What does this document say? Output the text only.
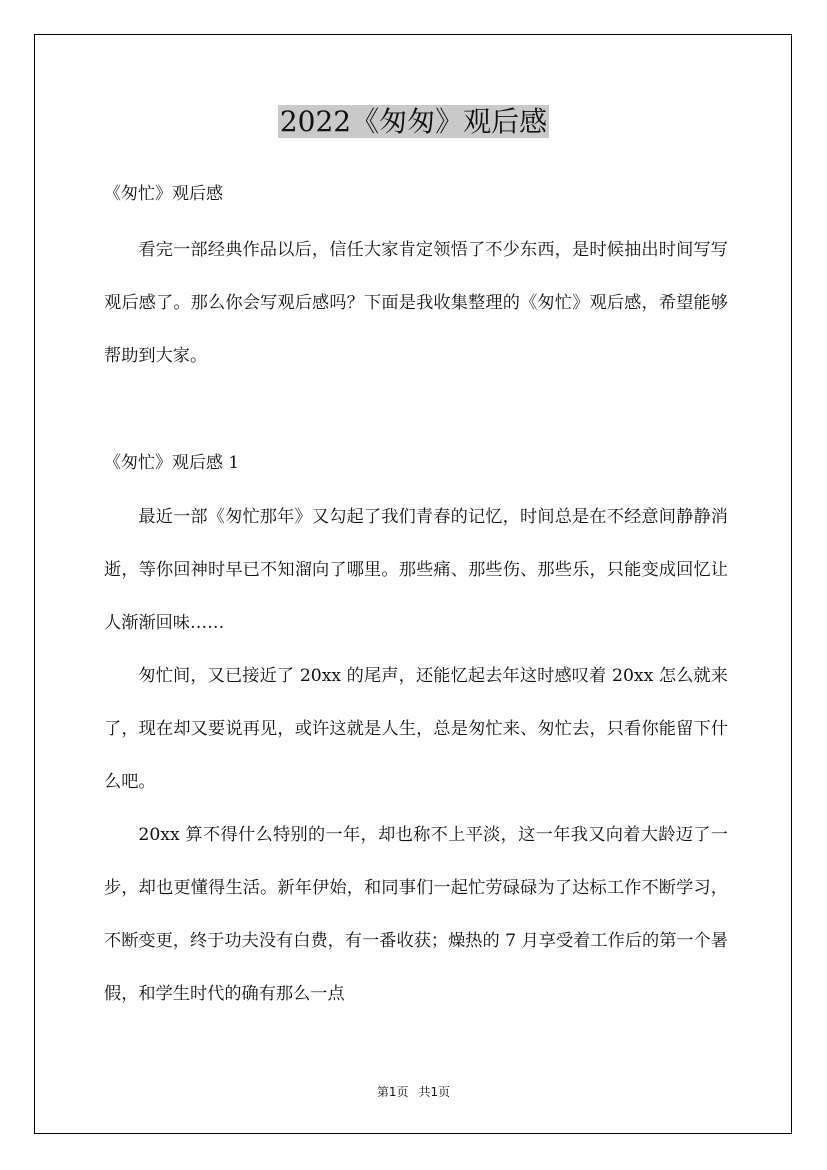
2022《匆匆》观后感

《匆忙》观后感

看完一部经典作品以后，信任大家肯定领悟了不少东西，是时候抽出时间写写观后感了。那么你会写观后感吗？下面是我收集整理的《匆忙》观后感，希望能够帮助到大家。

《匆忙》观后感 1

最近一部《匆忙那年》又勾起了我们青春的记忆，时间总是在不经意间静静消逝，等你回神时早已不知溜向了哪里。那些痛、那些伤、那些乐，只能变成回忆让人渐渐回味……

匆忙间，又已接近了 20xx 的尾声，还能忆起去年这时感叹着 20xx 怎么就来了，现在却又要说再见，或许这就是人生，总是匆忙来、匆忙去，只看你能留下什么吧。

20xx 算不得什么特别的一年，却也称不上平淡，这一年我又向着大龄迈了一步，却也更懂得生活。新年伊始，和同事们一起忙劳碌碌为了达标工作不断学习，不断变更，终于功夫没有白费，有一番收获；燥热的 7 月享受着工作后的第一个暑假，和学生时代的确有那么一点

第1页 共1页
